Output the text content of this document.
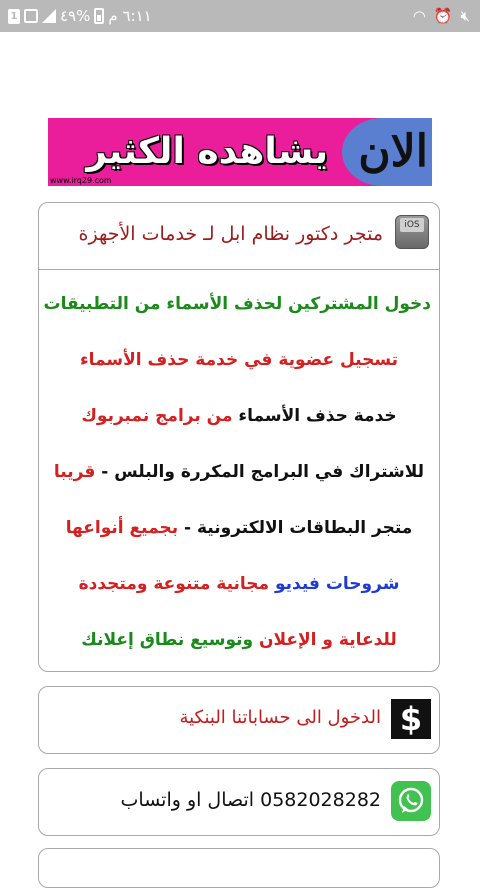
٦:١١ م
%٤٩
1	◠ ⏰ 🔇︎
الان
يشاهده الكثير
www.irq29.com
iOS
متجر دكتور نظام ابل لـ خدمات الأجهزة
دخول المشتركين لحذف الأسماء من التطبيقات
تسجيل عضوية في خدمة حذف الأسماء
خدمة حذف الأسماء من برامج نمبربوك
للاشتراك في البرامج المكررة والبلس - قريبا
متجر البطاقات الالكترونية - بجميع أنواعها
شروحات فيديو مجانية متنوعة ومتجددة
للدعاية و الإعلان وتوسيع نطاق إعلانك
$
الدخول الى حساباتنا البنكية
0582028282 اتصال او واتساب
